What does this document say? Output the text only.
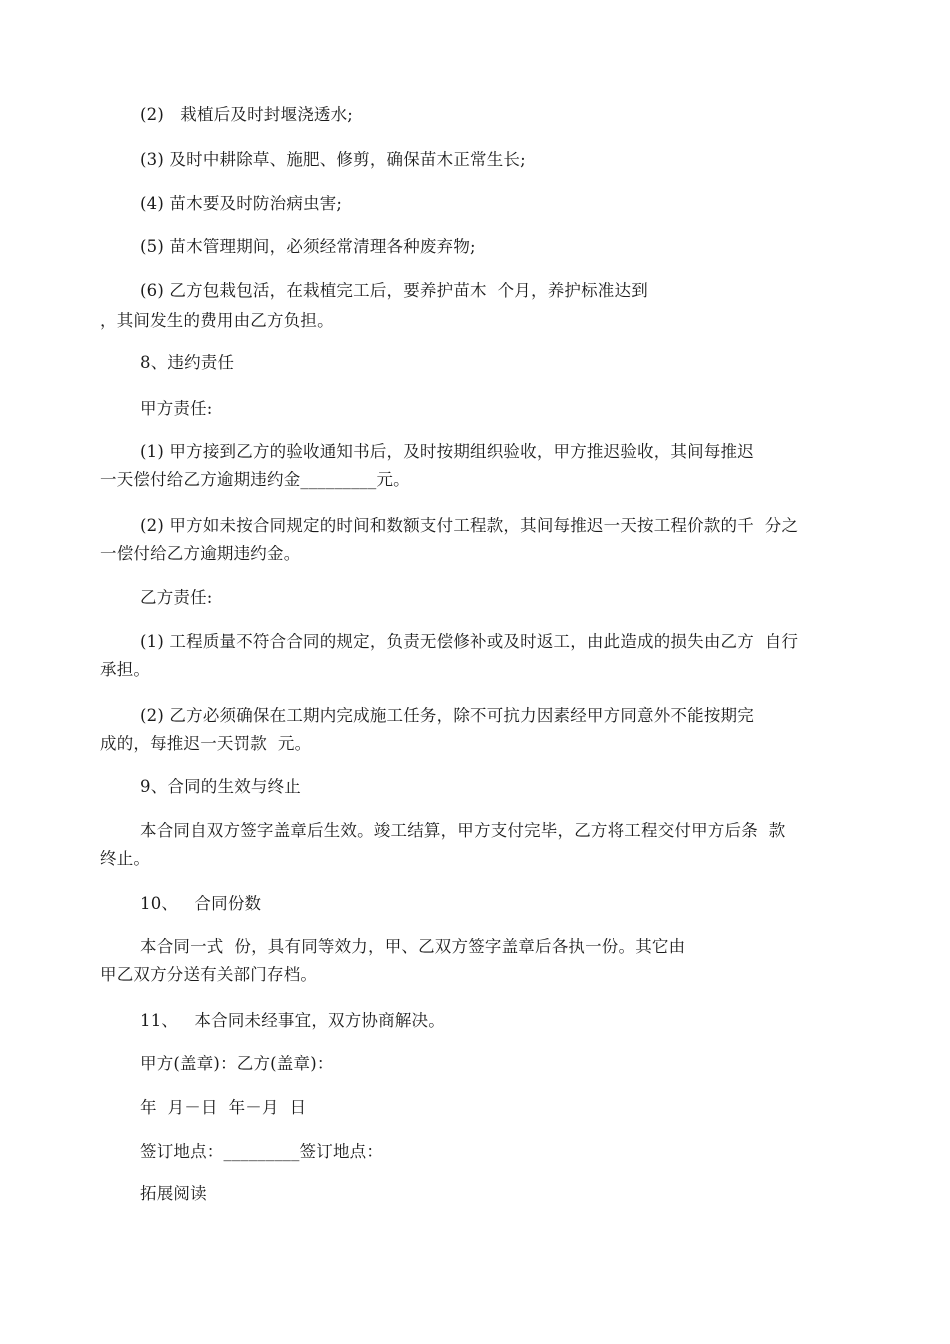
(2)   栽植后及时封堰浇透水;
(3) 及时中耕除草、施肥、修剪，确保苗木正常生长;
(4) 苗木要及时防治病虫害;
(5) 苗木管理期间，必须经常清理各种废弃物;
(6) 乙方包栽包活，在栽植完工后，要养护苗木  个月，养护标准达到
，其间发生的费用由乙方负担。
8、违约责任
甲方责任:
(1) 甲方接到乙方的验收通知书后，及时按期组织验收，甲方推迟验收，其间每推迟
一天偿付给乙方逾期违约金_________元。
(2) 甲方如未按合同规定的时间和数额支付工程款，其间每推迟一天按工程价款的千  分之
一偿付给乙方逾期违约金。
乙方责任:
(1) 工程质量不符合合同的规定，负责无偿修补或及时返工，由此造成的损失由乙方  自行
承担。
(2) 乙方必须确保在工期内完成施工任务，除不可抗力因素经甲方同意外不能按期完
成的，每推迟一天罚款  元。
9、合同的生效与终止
本合同自双方签字盖章后生效。竣工结算，甲方支付完毕，乙方将工程交付甲方后条  款
终止。
10、   合同份数
本合同一式  份，具有同等效力，甲、乙双方签字盖章后各执一份。其它由
甲乙双方分送有关部门存档。
11、   本合同未经事宜，双方协商解决。
甲方(盖章)：乙方(盖章)：
年  月－日  年－月  日
签订地点：_________签订地点：
拓展阅读
